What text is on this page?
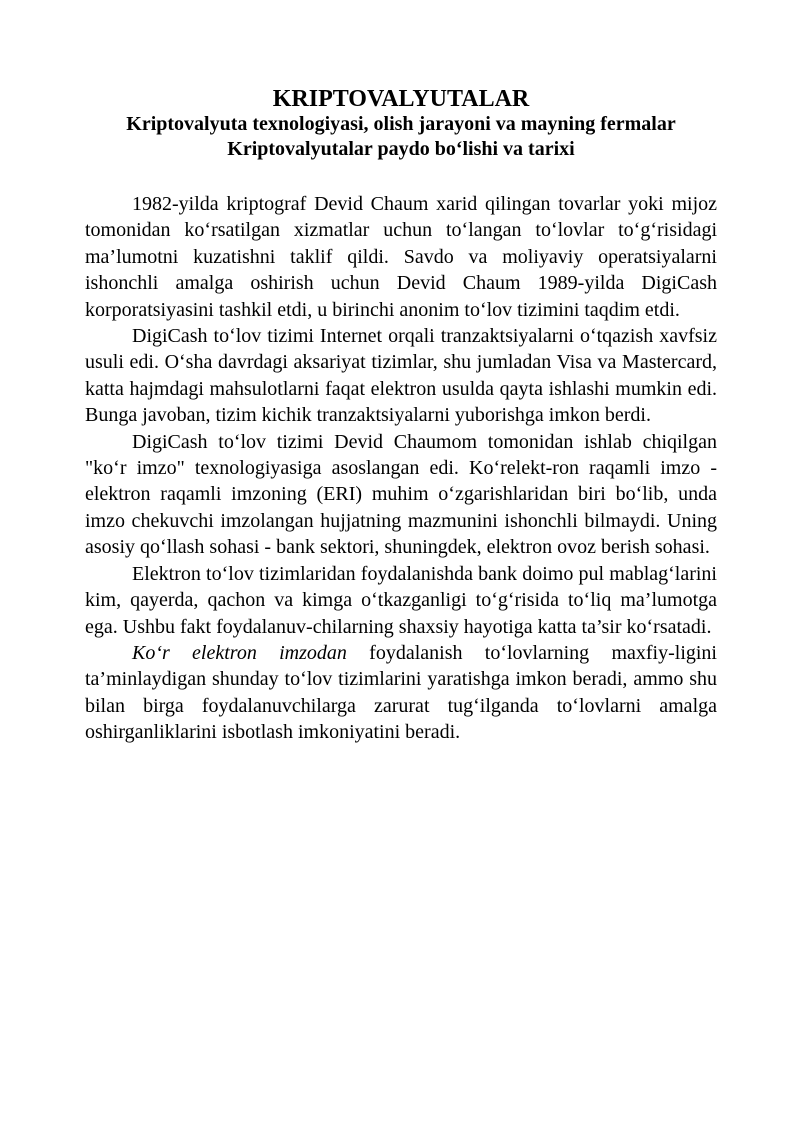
KRIPTOVALYUTALAR
Kriptovalyuta texnologiyasi, olish jarayoni va mayning fermalar
Kriptovalyutalar paydo bo‘lishi va tarixi

1982-yilda kriptograf Devid Chaum xarid qilingan tovarlar yoki mijoz tomonidan ko‘rsatilgan xizmatlar uchun to‘langan to‘lovlar to‘g‘risidagi ma’lumotni kuzatishni taklif qildi. Savdo va moliyaviy operatsiyalarni ishonchli amalga oshirish uchun Devid Chaum 1989-yilda DigiCash korporatsiyasini tashkil etdi, u birinchi anonim to‘lov tizimini taqdim etdi.

DigiCash to‘lov tizimi Internet orqali tranzaktsiyalarni o‘tqazish xavfsiz usuli edi. O‘sha davrdagi aksariyat tizimlar, shu jumladan Visa va Mastercard, katta hajmdagi mahsulotlarni faqat elektron usulda qayta ishlashi mumkin edi. Bunga javoban, tizim kichik tranzaktsiyalarni yuborishga imkon berdi.

DigiCash to‘lov tizimi Devid Chaumom tomonidan ishlab chiqilgan "ko‘r imzo" texnologiyasiga asoslangan edi. Ko‘relekt-ron raqamli imzo - elektron raqamli imzoning (ERI) muhim o‘zgarishlaridan biri bo‘lib, unda imzo chekuvchi imzolangan hujjatning mazmunini ishonchli bilmaydi. Uning asosiy qo‘llash sohasi - bank sektori, shuningdek, elektron ovoz berish sohasi.

Elektron to‘lov tizimlaridan foydalanishda bank doimo pul mablag‘larini kim, qayerda, qachon va kimga o‘tkazganligi to‘g‘risida to‘liq ma’lumotga ega. Ushbu fakt foydalanuv-chilarning shaxsiy hayotiga katta ta’sir ko‘rsatadi.

Ko‘r elektron imzodan foydalanish to‘lovlarning maxfiy-ligini ta’minlaydigan shunday to‘lov tizimlarini yaratishga imkon beradi, ammo shu bilan birga foydalanuvchilarga zarurat tug‘ilganda to‘lovlarni amalga oshirganliklarini isbotlash imkoniyatini beradi.
